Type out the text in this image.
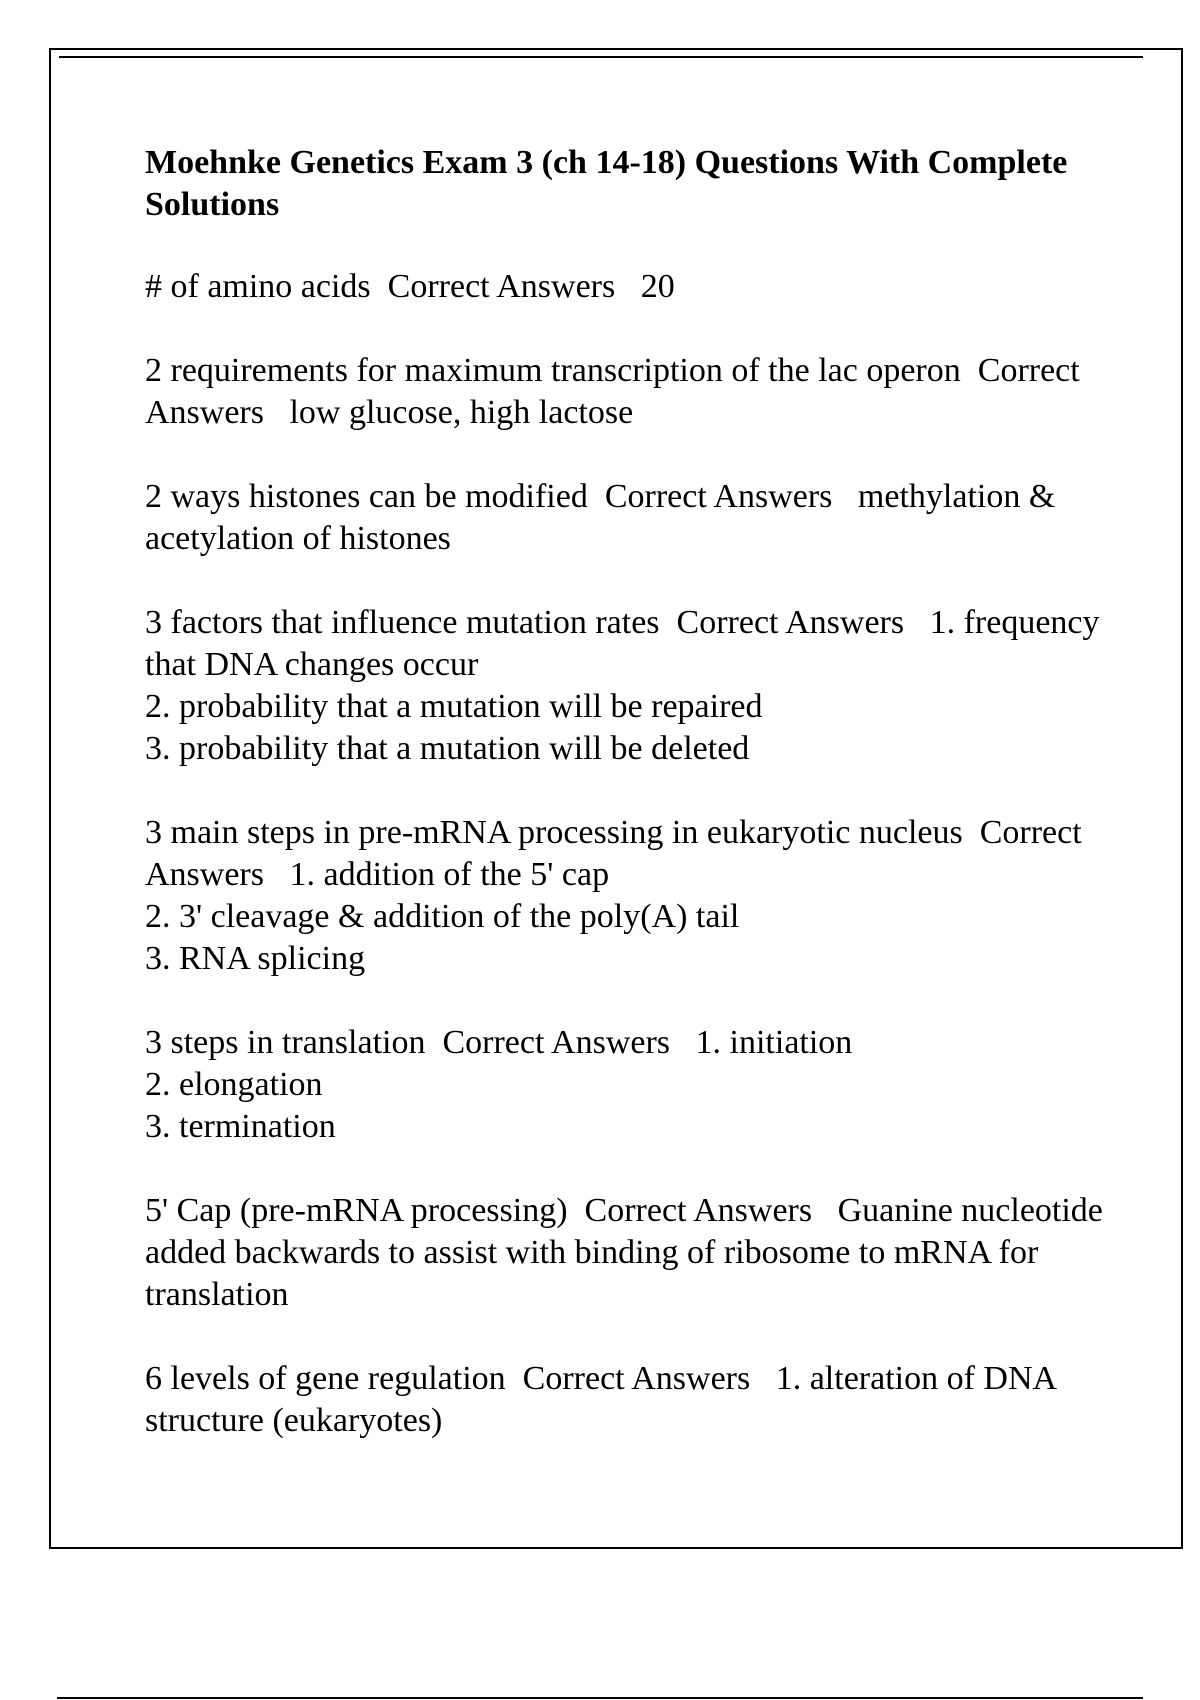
Moehnke Genetics Exam 3 (ch 14-18) Questions With Complete Solutions
# of amino acids  Correct Answers   20
2 requirements for maximum transcription of the lac operon  Correct Answers   low glucose, high lactose
2 ways histones can be modified  Correct Answers   methylation & acetylation of histones
3 factors that influence mutation rates  Correct Answers   1. frequency that DNA changes occur
2. probability that a mutation will be repaired
3. probability that a mutation will be deleted
3 main steps in pre-mRNA processing in eukaryotic nucleus  Correct Answers   1. addition of the 5' cap
2. 3' cleavage & addition of the poly(A) tail
3. RNA splicing
3 steps in translation  Correct Answers   1. initiation
2. elongation
3. termination
5' Cap (pre-mRNA processing)  Correct Answers   Guanine nucleotide added backwards to assist with binding of ribosome to mRNA for translation
6 levels of gene regulation  Correct Answers   1. alteration of DNA structure (eukaryotes)
